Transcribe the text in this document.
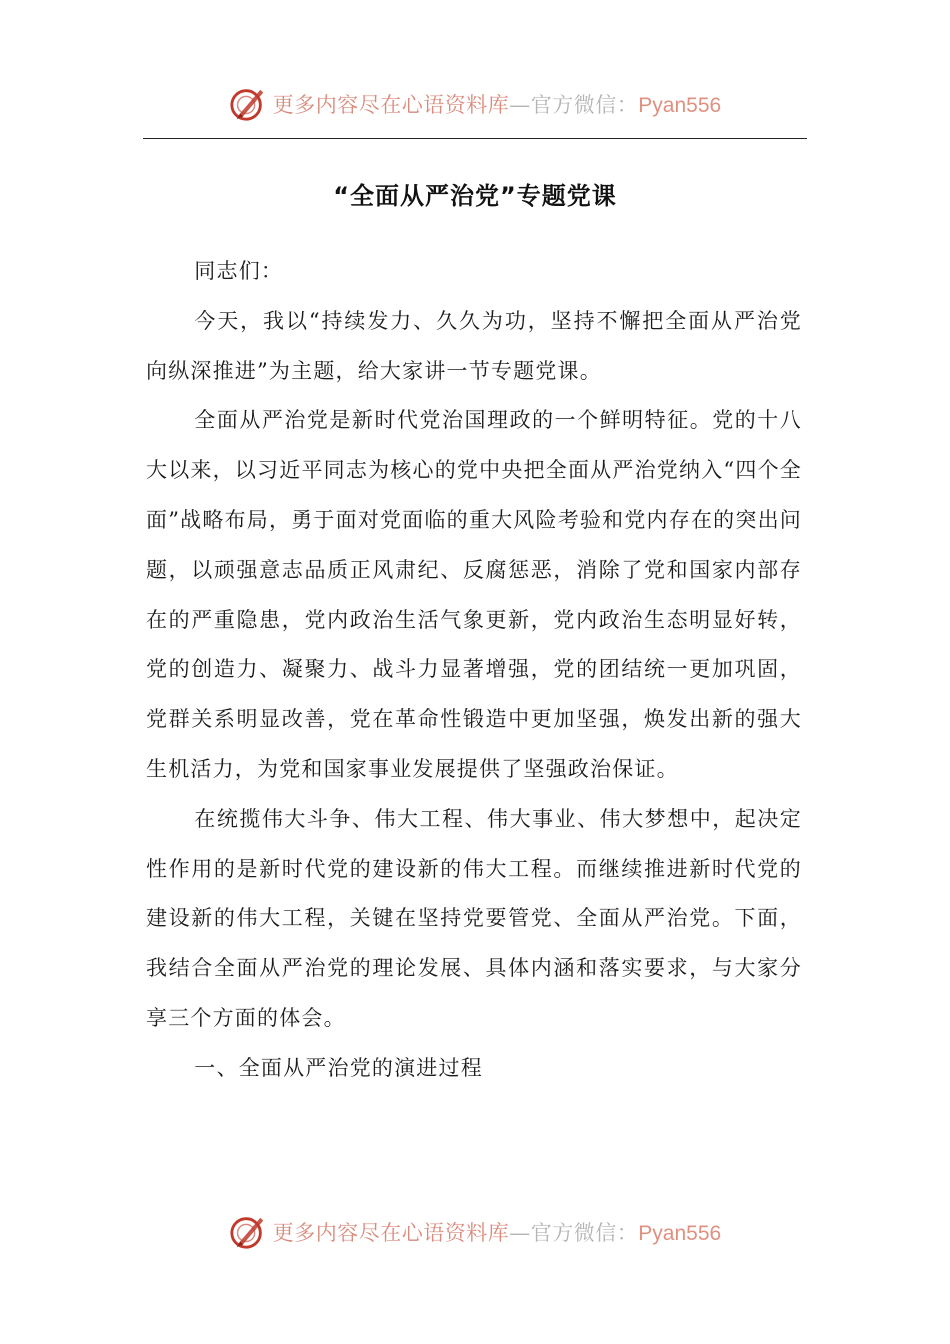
更多内容尽在心语资料库—官方微信：Pyan556
“全面从严治党”专题党课

同志们：

今天，我以“持续发力、久久为功，坚持不懈把全面从严治党向纵深推进”为主题，给大家讲一节专题党课。

全面从严治党是新时代党治国理政的一个鲜明特征。党的十八大以来，以习近平同志为核心的党中央把全面从严治党纳入“四个全面”战略布局，勇于面对党面临的重大风险考验和党内存在的突出问题，以顽强意志品质正风肃纪、反腐惩恶，消除了党和国家内部存在的严重隐患，党内政治生活气象更新，党内政治生态明显好转，党的创造力、凝聚力、战斗力显著增强，党的团结统一更加巩固，党群关系明显改善，党在革命性锻造中更加坚强，焕发出新的强大生机活力，为党和国家事业发展提供了坚强政治保证。

在统揽伟大斗争、伟大工程、伟大事业、伟大梦想中，起决定性作用的是新时代党的建设新的伟大工程。而继续推进新时代党的建设新的伟大工程，关键在坚持党要管党、全面从严治党。下面，我结合全面从严治党的理论发展、具体内涵和落实要求，与大家分享三个方面的体会。

一、全面从严治党的演进过程

更多内容尽在心语资料库—官方微信：Pyan556
